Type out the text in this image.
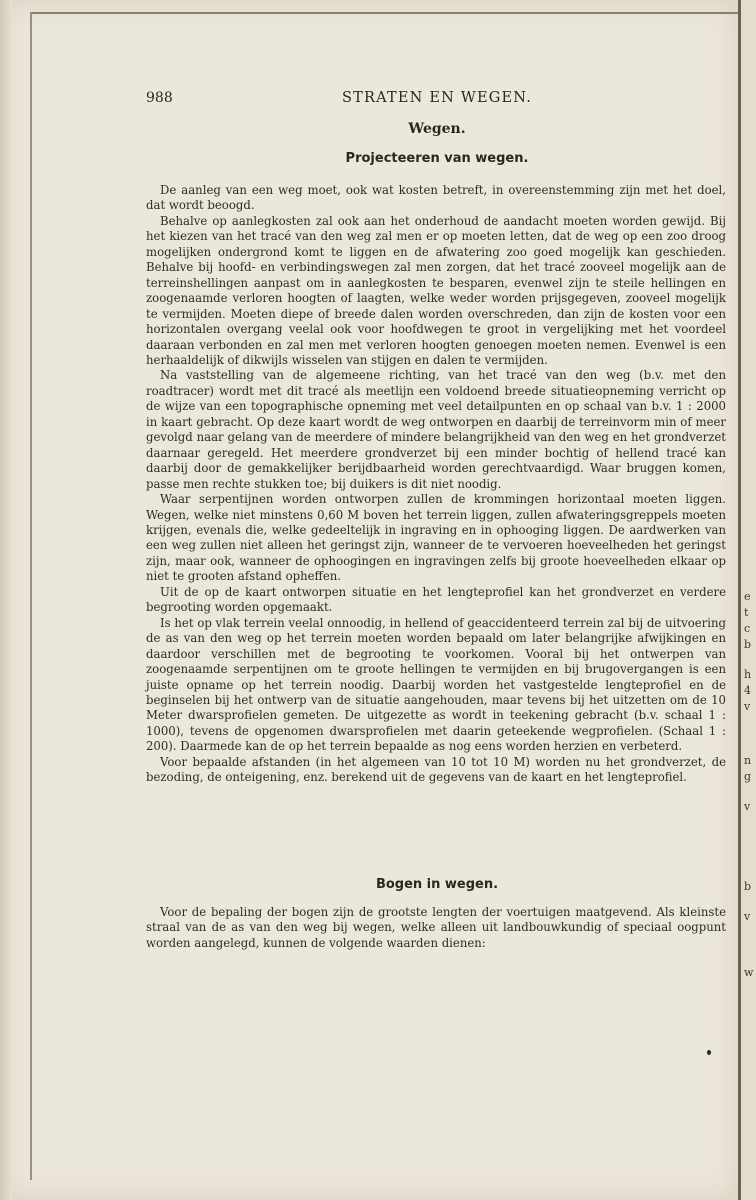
988	STRATEN EN WEGEN.
Wegen.
Projecteeren van wegen.

De aanleg van een weg moet, ook wat kosten betreft, in overeenstemming zijn met het doel, dat wordt beoogd.

Behalve op aanlegkosten zal ook aan het onderhoud de aandacht moeten worden gewijd. Bij het kiezen van het tracé van den weg zal men er op moeten letten, dat de weg op een zoo droog mogelijken ondergrond komt te liggen en de afwatering zoo goed mogelijk kan geschieden. Behalve bij hoofd- en verbindingswegen zal men zorgen, dat het tracé zooveel mogelijk aan de terreinshellingen aanpast om in aanlegkosten te besparen, evenwel zijn te steile hellingen en zoogenaamde verloren hoogten of laagten, welke weder worden prijsgegeven, zooveel mogelijk te vermijden. Moeten diepe of breede dalen worden overschreden, dan zijn de kosten voor een horizontalen overgang veelal ook voor hoofdwegen te groot in vergelijking met het voordeel daaraan verbonden en zal men met verloren hoogten genoegen moeten nemen. Evenwel is een herhaaldelijk of dikwijls wisselen van stijgen en dalen te vermijden.

Na vaststelling van de algemeene richting, van het tracé van den weg (b.v. met den roadtracer) wordt met dit tracé als meetlijn een voldoend breede situatieopneming verricht op de wijze van een topographische opneming met veel detailpunten en op schaal van b.v. 1 : 2000 in kaart gebracht. Op deze kaart wordt de weg ontworpen en daarbij de terreinvorm min of meer gevolgd naar gelang van de meerdere of mindere belangrijkheid van den weg en het grondverzet daarnaar geregeld. Het meerdere grondverzet bij een minder bochtig of hellend tracé kan daarbij door de gemakkelijker berijdbaarheid worden gerechtvaardigd. Waar bruggen komen, passe men rechte stukken toe; bij duikers is dit niet noodig.

Waar serpentijnen worden ontworpen zullen de krommingen horizontaal moeten liggen. Wegen, welke niet minstens 0,60 M boven het terrein liggen, zullen afwateringsgreppels moeten krijgen, evenals die, welke gedeeltelijk in ingraving en in ophooging liggen. De aardwerken van een weg zullen niet alleen het geringst zijn, wanneer de te vervoeren hoeveelheden het geringst zijn, maar ook, wanneer de ophoogingen en ingravingen zelfs bij groote hoeveelheden elkaar op niet te grooten afstand opheffen.

Uit de op de kaart ontworpen situatie en het lengteprofiel kan het grondverzet en verdere begrooting worden opgemaakt.

Is het op vlak terrein veelal onnoodig, in hellend of geaccidenteerd terrein zal bij de uitvoering de as van den weg op het terrein moeten worden bepaald om later belangrijke afwijkingen en daardoor verschillen met de begrooting te voorkomen. Vooral bij het ontwerpen van zoogenaamde serpentijnen om te groote hellingen te vermijden en bij brugovergangen is een juiste opname op het terrein noodig. Daarbij worden het vastgestelde lengteprofiel en de beginselen bij het ontwerp van de situatie aangehouden, maar tevens bij het uitzetten om de 10 Meter dwarsprofielen gemeten. De uitgezette as wordt in teekening gebracht (b.v. schaal 1 : 1000), tevens de opgenomen dwarsprofielen met daarin geteekende wegprofielen. (Schaal 1 : 200). Daarmede kan de op het terrein bepaalde as nog eens worden herzien en verbeterd.

Voor bepaalde afstanden (in het algemeen van 10 tot 10 M) worden nu het grondverzet, de bezoding, de onteigening, enz. berekend uit de gegevens van de kaart en het lengteprofiel.

Bogen in wegen.

Voor de bepaling der bogen zijn de grootste lengten der voertuigen maatgevend. Als kleinste straal van de as van den weg bij wegen, welke alleen uit landbouwkundig of speciaal oogpunt worden aangelegd, kunnen de volgende waarden dienen:

e
t
c
b
h
4
v
n
g
v
b
v
w
